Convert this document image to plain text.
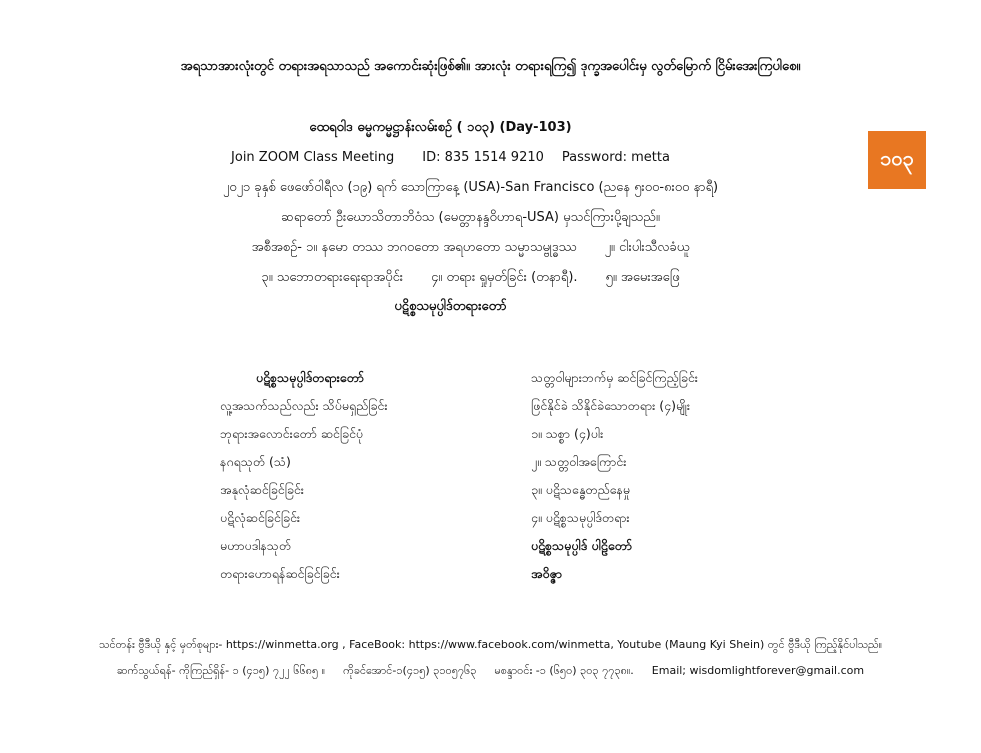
အရသာအားလုံးတွင် တရားအရသာသည် အကောင်းဆုံးဖြစ်၏။ အားလုံး တရားရကြ၍ ဒုက္ခအပေါင်းမှ လွတ်မြောက် ငြိမ်းအေးကြပါစေ။
၁၀၃
ထေရဝါဒ ဓမ္မကမ္မဋ္ဌာန်းလမ်းစဉ် ( ၁၀၃) (Day-103)
Join ZOOM Class Meeting ID: 835 1514 9210 Password: metta
၂၀၂၁ ခုနှစ် ဖေဖော်ဝါရီလ (၁၉) ရက် သောကြာနေ့ (USA)-San Francisco (ညနေ ၅း၀၀-၈း၀၀ နာရီ)
ဆရာတော် ဦးဃောသိတာဘိဝံသ (မေတ္တာနန္ဒဝိဟာရ-USA) မှသင်ကြားပို့ချသည်။
အစီအစဉ်- ၁။ နမော တဿ ဘဂဝတော အရဟတော သမ္မာသမ္ဗုဒ္ဓဿ ၂။ ငါးပါးသီလခံယူ
၃။ သဘောတရားရေးရာအပိုင်း ၄။ တရား ရှုမှတ်ခြင်း (တနာရီ). ၅။ အမေးအဖြေ
ပဋိစ္စသမုပ္ပါဒ်တရားတော်
ပဋိစ္စသမုပ္ပါဒ်တရားတော်
လူ့အသက်သည်လည်း သိပ်မရှည်ခြင်း
ဘုရားအလောင်းတော် ဆင်ခြင်ပုံ
နဂရသုတ် (သံ)
အနုလုံဆင်ခြင်ခြင်း
ပဋိလုံဆင်ခြင်ခြင်း
မဟာပဒါနသုတ်
တရားဟောရန်ဆင်ခြင်ခြင်း
သတ္တဝါများဘက်မှ ဆင်ခြင်ကြည့်ခြင်း
ဖြင်နိုင်ခဲ သိနိုင်ခဲသောတရား (၄)မျိုး
၁။ သစ္စာ (၄)ပါး
၂။ သတ္တဝါအကြောင်း
၃။ ပဋိသန္ဓေတည်နေမှု
၄။ ပဋိစ္စသမုပ္ပါဒ်တရား
ပဋိစ္စသမုပ္ပါဒ် ပါဠိတော်
အဝိဇ္ဇာ
သင်တန်း ဗွီဒီယို နှင့် မှတ်စုများ- https://winmetta.org , FaceBook: https://www.facebook.com/winmetta, Youtube (Maung Kyi Shein) တွင် ဗွီဒီယို ကြည့်နိုင်ပါသည်။
ဆက်သွယ်ရန်- ကိုကြည်ရှိန်- ၁ (၄၁၅) ၇၂၂ ၆၆၈၅ ။ ကိုခင်အောင်-၁(၄၁၅) ၃၁၀၅၇၆၃ မစန္ဒာဝင်း -၁ (၆၅၀) ၃၀၃ ၇၇၃၈။. Email; wisdomlightforever@gmail.com
